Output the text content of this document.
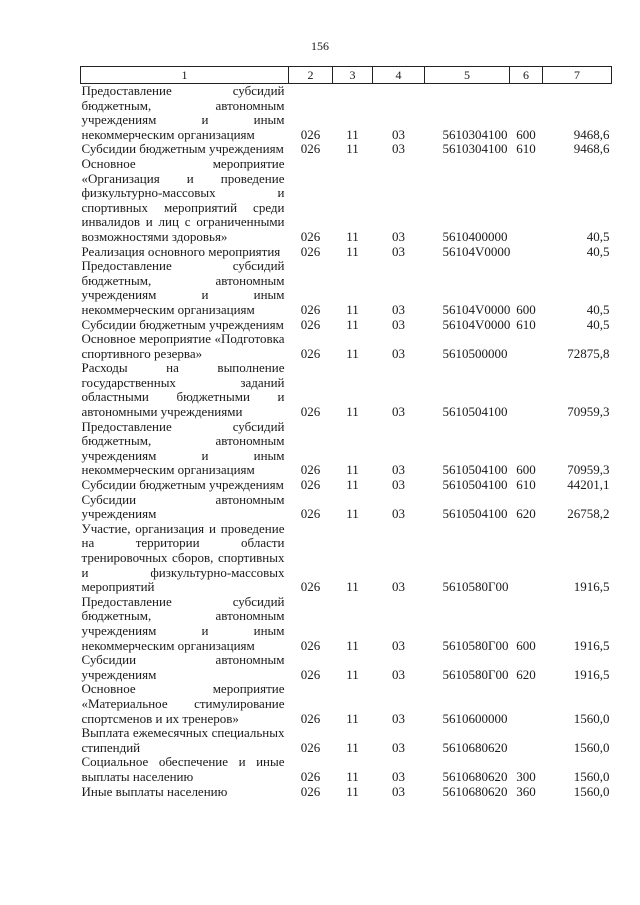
156
1	2	3	4	5	6	7
Предоставление субсидий бюджетным, автономным учреждениям и иным некоммерческим организациям	026	11	03	5610304100	600	9468,6
Субсидии бюджетным учреждениям	026	11	03	5610304100	610	9468,6
Основное мероприятие «Организация и проведение физкультурно-массовых и спортивных мероприятий среди инвалидов и лиц с ограниченными возможностями здоровья»	026	11	03	5610400000		40,5
Реализация основного мероприятия	026	11	03	56104V0000		40,5
Предоставление субсидий бюджетным, автономным учреждениям и иным некоммерческим организациям	026	11	03	56104V0000	600	40,5
Субсидии бюджетным учреждениям	026	11	03	56104V0000	610	40,5
Основное мероприятие «Подготовка спортивного резерва»	026	11	03	5610500000		72875,8
Расходы на выполнение государственных заданий областными бюджетными и автономными учреждениями	026	11	03	5610504100		70959,3
Предоставление субсидий бюджетным, автономным учреждениям и иным некоммерческим организациям	026	11	03	5610504100	600	70959,3
Субсидии бюджетным учреждениям	026	11	03	5610504100	610	44201,1
Субсидии автономным учреждениям	026	11	03	5610504100	620	26758,2
Участие, организация и проведение на территории области тренировочных сборов, спортивных и физкультурно-массовых мероприятий	026	11	03	5610580Г00		1916,5
Предоставление субсидий бюджетным, автономным учреждениям и иным некоммерческим организациям	026	11	03	5610580Г00	600	1916,5
Субсидии автономным учреждениям	026	11	03	5610580Г00	620	1916,5
Основное мероприятие «Материальное стимулирование спортсменов и их тренеров»	026	11	03	5610600000		1560,0
Выплата ежемесячных специальных стипендий	026	11	03	5610680620		1560,0
Социальное обеспечение и иные выплаты населению	026	11	03	5610680620	300	1560,0
Иные выплаты населению	026	11	03	5610680620	360	1560,0
